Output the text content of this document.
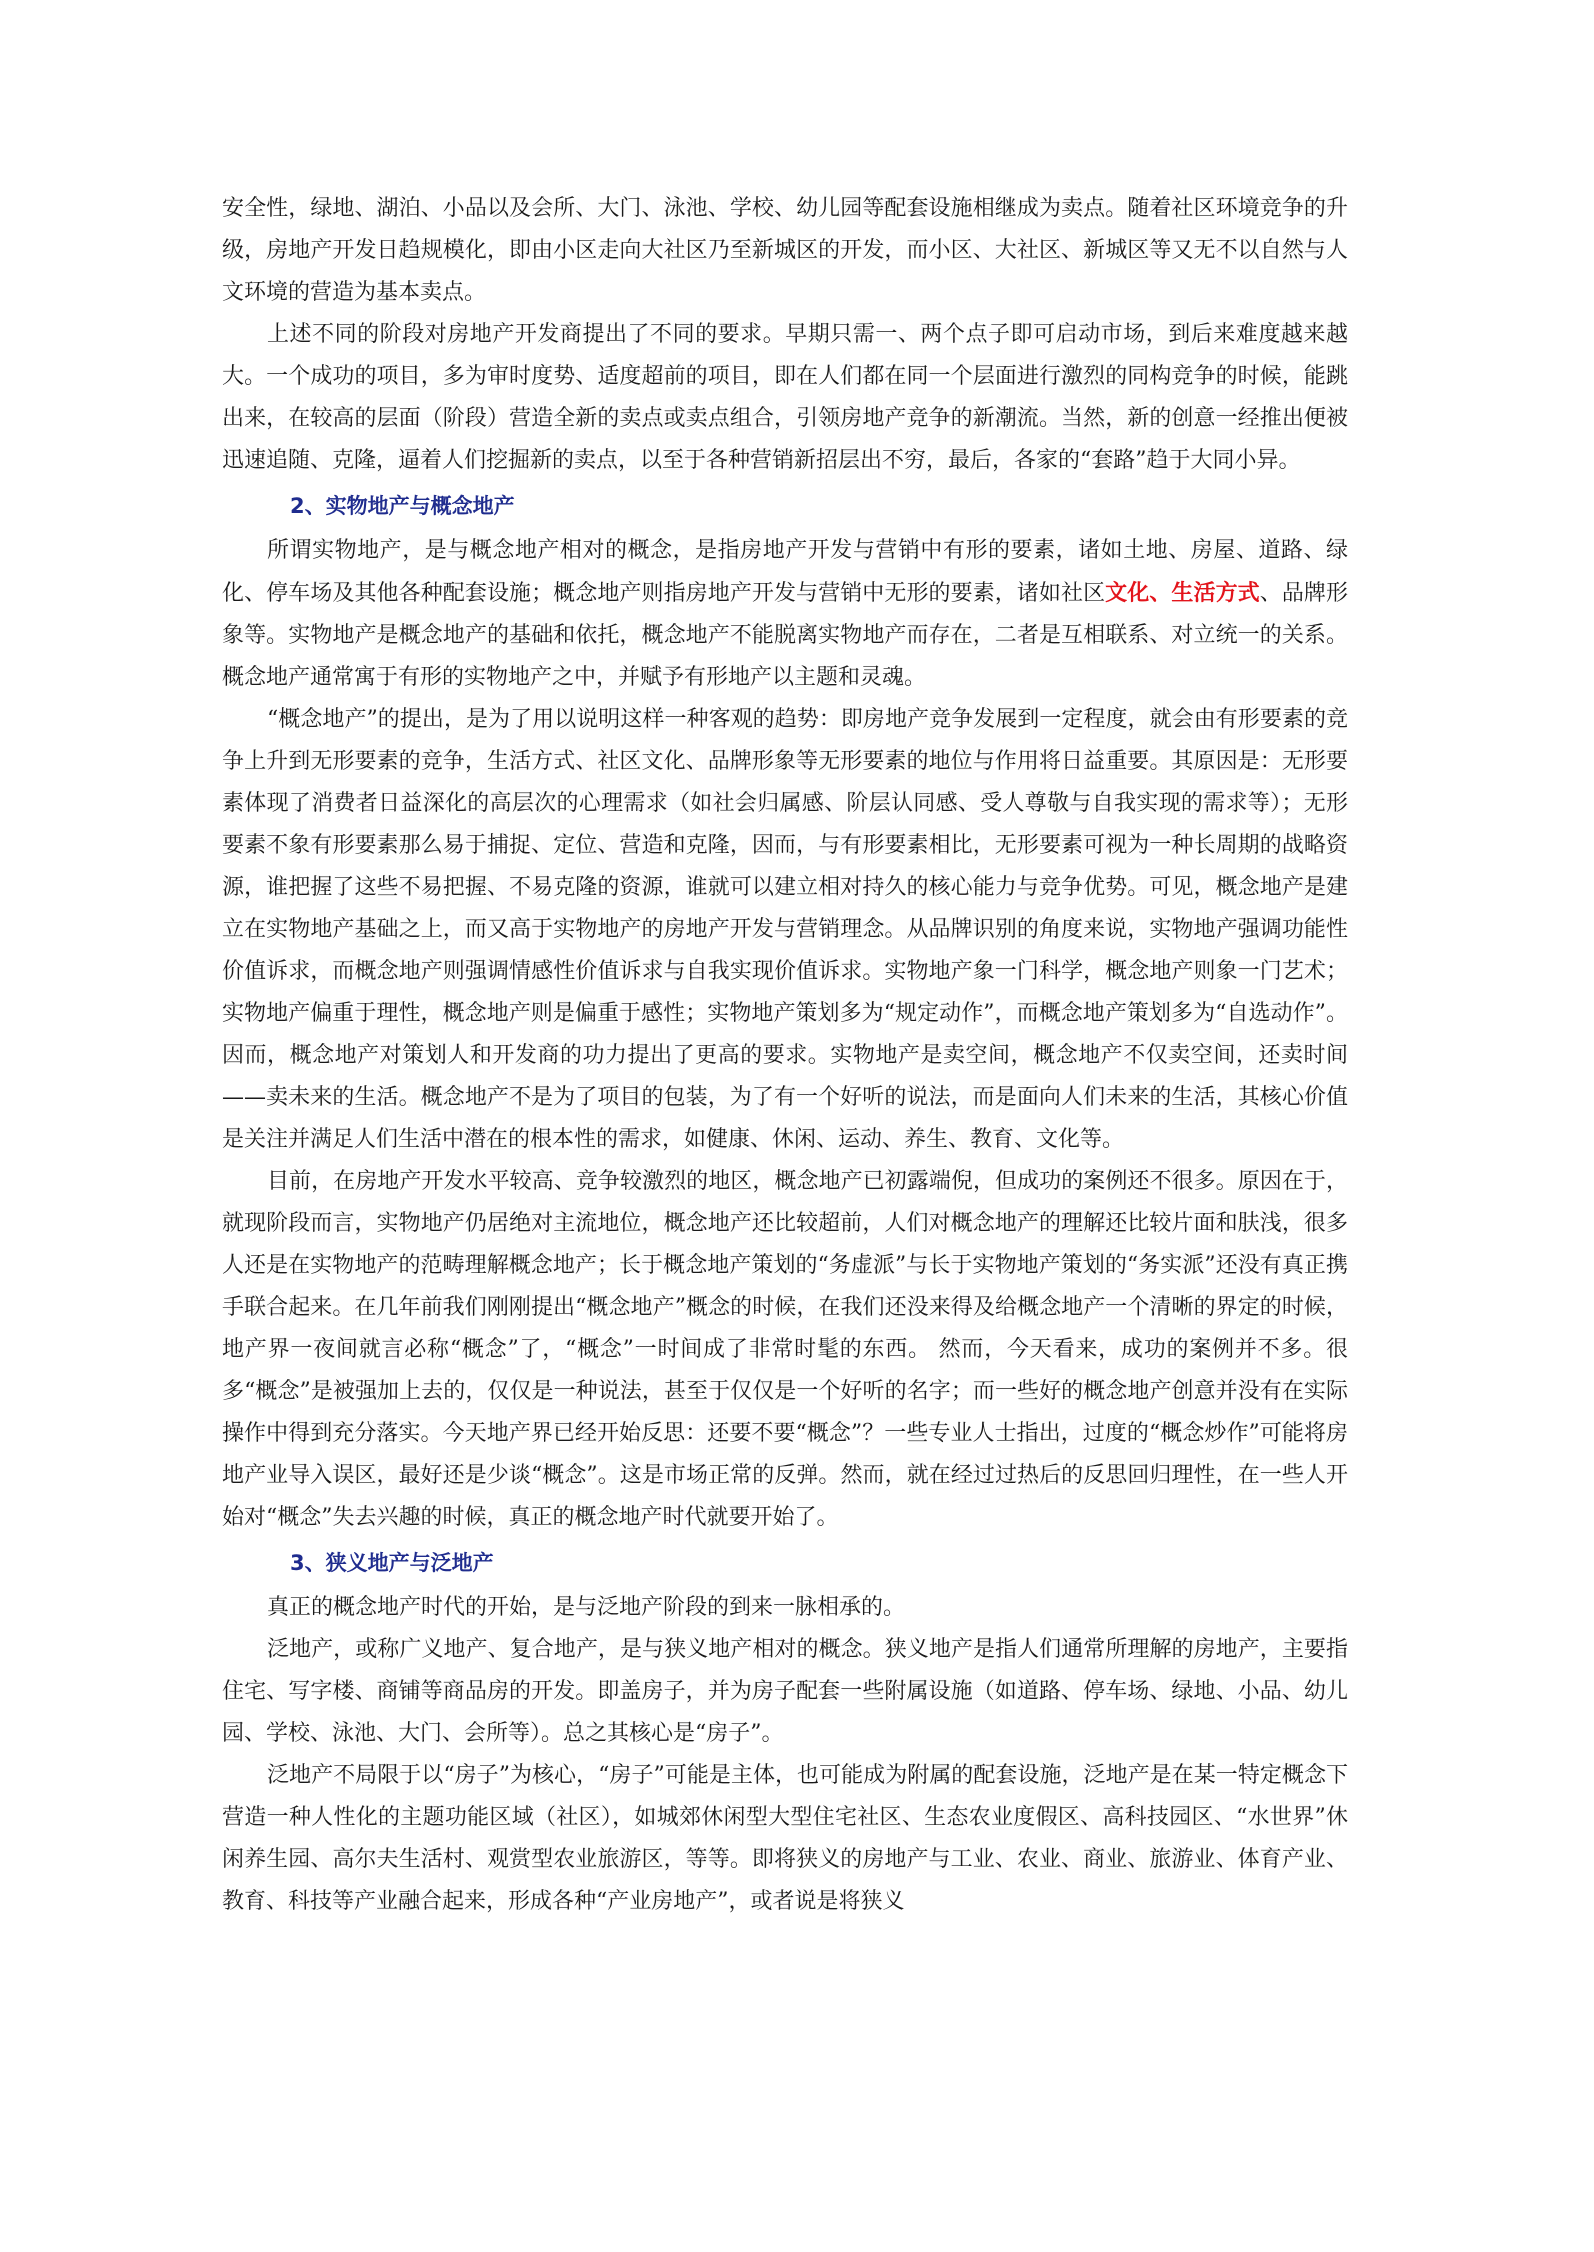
安全性，绿地、湖泊、小品以及会所、大门、泳池、学校、幼儿园等配套设施相继成为卖点。随着社区环境竞争的升级，房地产开发日趋规模化，即由小区走向大社区乃至新城区的开发，而小区、大社区、新城区等又无不以自然与人文环境的营造为基本卖点。

上述不同的阶段对房地产开发商提出了不同的要求。早期只需一、两个点子即可启动市场，到后来难度越来越大。一个成功的项目，多为审时度势、适度超前的项目，即在人们都在同一个层面进行激烈的同构竞争的时候，能跳出来，在较高的层面（阶段）营造全新的卖点或卖点组合，引领房地产竞争的新潮流。当然，新的创意一经推出便被迅速追随、克隆，逼着人们挖掘新的卖点，以至于各种营销新招层出不穷，最后，各家的“套路”趋于大同小异。

2、实物地产与概念地产

所谓实物地产，是与概念地产相对的概念，是指房地产开发与营销中有形的要素，诸如土地、房屋、道路、绿化、停车场及其他各种配套设施；概念地产则指房地产开发与营销中无形的要素，诸如社区文化、生活方式、品牌形象等。实物地产是概念地产的基础和依托，概念地产不能脱离实物地产而存在，二者是互相联系、对立统一的关系。概念地产通常寓于有形的实物地产之中，并赋予有形地产以主题和灵魂。

“概念地产”的提出，是为了用以说明这样一种客观的趋势：即房地产竞争发展到一定程度，就会由有形要素的竞争上升到无形要素的竞争，生活方式、社区文化、品牌形象等无形要素的地位与作用将日益重要。其原因是：无形要素体现了消费者日益深化的高层次的心理需求（如社会归属感、阶层认同感、受人尊敬与自我实现的需求等）；无形要素不象有形要素那么易于捕捉、定位、营造和克隆，因而，与有形要素相比，无形要素可视为一种长周期的战略资源，谁把握了这些不易把握、不易克隆的资源，谁就可以建立相对持久的核心能力与竞争优势。可见，概念地产是建立在实物地产基础之上，而又高于实物地产的房地产开发与营销理念。从品牌识别的角度来说，实物地产强调功能性价值诉求，而概念地产则强调情感性价值诉求与自我实现价值诉求。实物地产象一门科学，概念地产则象一门艺术；实物地产偏重于理性，概念地产则是偏重于感性；实物地产策划多为“规定动作”，而概念地产策划多为“自选动作”。因而，概念地产对策划人和开发商的功力提出了更高的要求。实物地产是卖空间，概念地产不仅卖空间，还卖时间——卖未来的生活。概念地产不是为了项目的包装，为了有一个好听的说法，而是面向人们未来的生活，其核心价值是关注并满足人们生活中潜在的根本性的需求，如健康、休闲、运动、养生、教育、文化等。

目前，在房地产开发水平较高、竞争较激烈的地区，概念地产已初露端倪，但成功的案例还不很多。原因在于，就现阶段而言，实物地产仍居绝对主流地位，概念地产还比较超前，人们对概念地产的理解还比较片面和肤浅，很多人还是在实物地产的范畴理解概念地产；长于概念地产策划的“务虚派”与长于实物地产策划的“务实派”还没有真正携手联合起来。在几年前我们刚刚提出“概念地产”概念的时候，在我们还没来得及给概念地产一个清晰的界定的时候，地产界一夜间就言必称“概念”了，“概念”一时间成了非常时髦的东西。 然而，今天看来，成功的案例并不多。很多“概念”是被强加上去的，仅仅是一种说法，甚至于仅仅是一个好听的名字；而一些好的概念地产创意并没有在实际操作中得到充分落实。今天地产界已经开始反思：还要不要“概念”？一些专业人士指出，过度的“概念炒作”可能将房地产业导入误区，最好还是少谈“概念”。这是市场正常的反弹。然而，就在经过过热后的反思回归理性，在一些人开始对“概念”失去兴趣的时候，真正的概念地产时代就要开始了。

3、狭义地产与泛地产

真正的概念地产时代的开始，是与泛地产阶段的到来一脉相承的。

泛地产，或称广义地产、复合地产，是与狭义地产相对的概念。狭义地产是指人们通常所理解的房地产，主要指住宅、写字楼、商铺等商品房的开发。即盖房子，并为房子配套一些附属设施（如道路、停车场、绿地、小品、幼儿园、学校、泳池、大门、会所等）。总之其核心是“房子”。

泛地产不局限于以“房子”为核心，“房子”可能是主体，也可能成为附属的配套设施，泛地产是在某一特定概念下营造一种人性化的主题功能区域（社区），如城郊休闲型大型住宅社区、生态农业度假区、高科技园区、“水世界”休闲养生园、高尔夫生活村、观赏型农业旅游区，等等。即将狭义的房地产与工业、农业、商业、旅游业、体育产业、教育、科技等产业融合起来，形成各种“产业房地产”，或者说是将狭义
